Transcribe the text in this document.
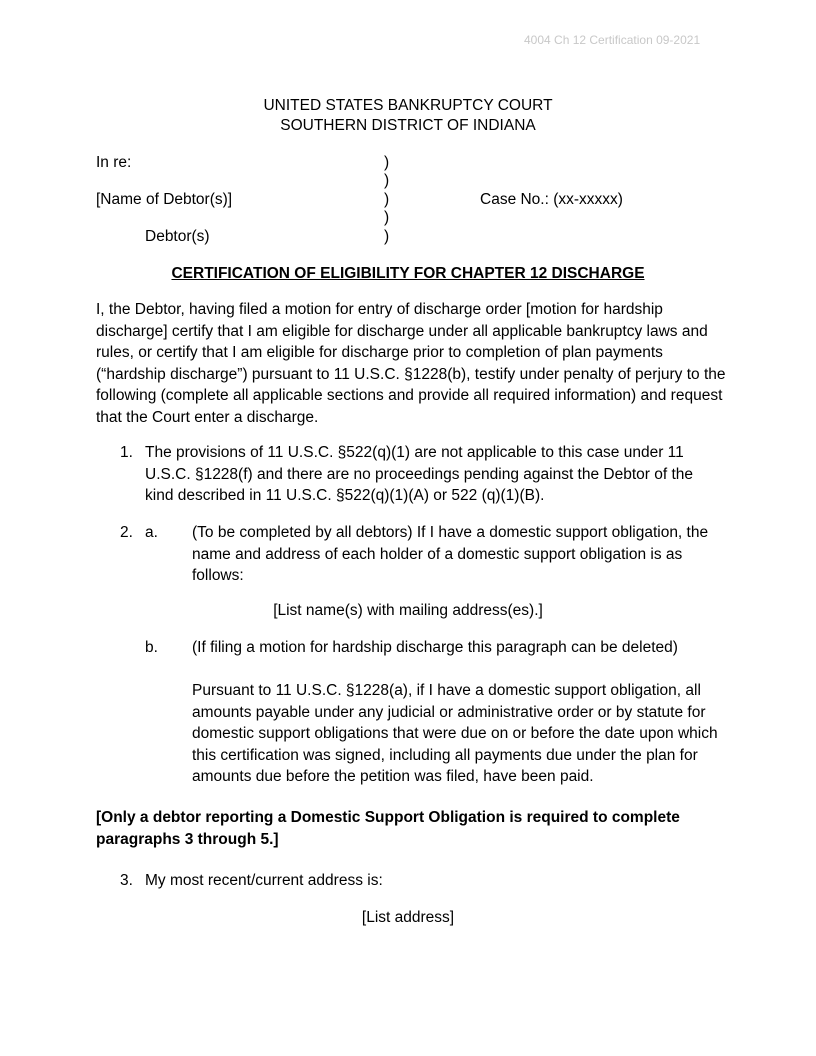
4004 Ch 12 Certification 09-2021
UNITED STATES BANKRUPTCY COURT
SOUTHERN DISTRICT OF INDIANA
In re:
[Name of Debtor(s)]
Debtor(s)
)
)
)
)
)
Case No.: (xx-xxxxx)
CERTIFICATION OF ELIGIBILITY FOR CHAPTER 12 DISCHARGE
I, the Debtor, having filed a motion for entry of discharge order [motion for hardship discharge] certify that I am eligible for discharge under all applicable bankruptcy laws and rules, or certify that I am eligible for discharge prior to completion of plan payments (“hardship discharge”) pursuant to 11 U.S.C. §1228(b), testify under penalty of perjury to the following (complete all applicable sections and provide all required information) and request that the Court enter a discharge.
1. The provisions of 11 U.S.C. §522(q)(1) are not applicable to this case under 11 U.S.C. §1228(f) and there are no proceedings pending against the Debtor of the kind described in 11 U.S.C. §522(q)(1)(A) or 522 (q)(1)(B).
2. a. (To be completed by all debtors) If I have a domestic support obligation, the name and address of each holder of a domestic support obligation is as follows:
[List name(s) with mailing address(es).]
b. (If filing a motion for hardship discharge this paragraph can be deleted)
Pursuant to 11 U.S.C. §1228(a), if I have a domestic support obligation, all amounts payable under any judicial or administrative order or by statute for domestic support obligations that were due on or before the date upon which this certification was signed, including all payments due under the plan for amounts due before the petition was filed, have been paid.
[Only a debtor reporting a Domestic Support Obligation is required to complete paragraphs 3 through 5.]
3. My most recent/current address is:
[List address]
